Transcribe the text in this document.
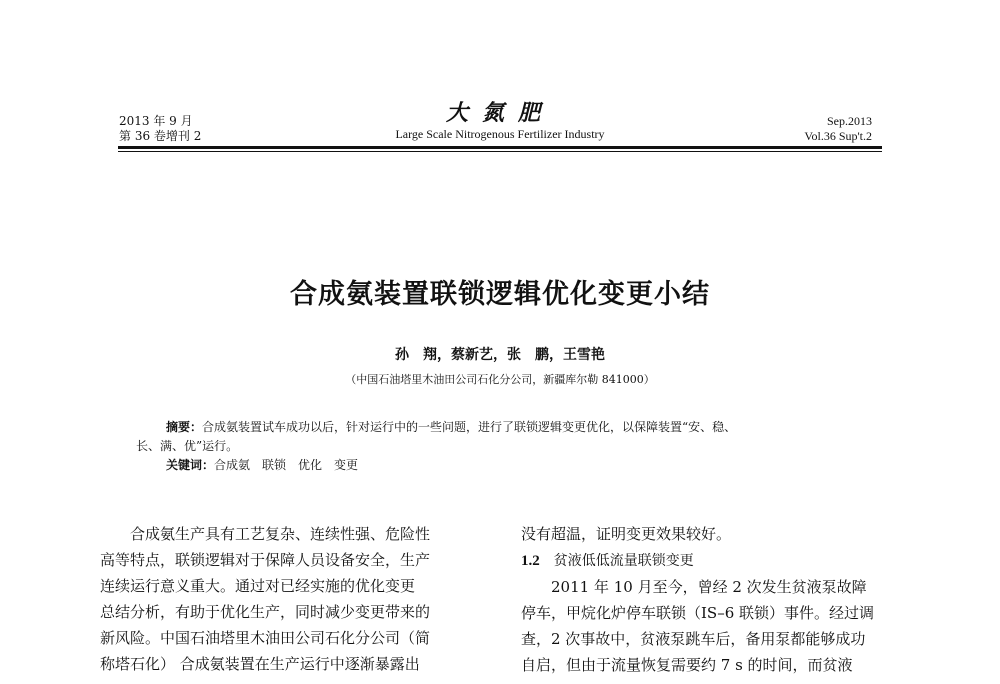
2013 年 9 月
第 36 卷增刊 2
大氮肥
Large Scale Nitrogenous Fertilizer Industry
Sep.2013
Vol.36 Sup't.2
合成氨装置联锁逻辑优化变更小结
孙　翔，蔡新艺，张　鹏，王雪艳
（中国石油塔里木油田公司石化分公司，新疆库尔勒 841000）
摘要：合成氨装置试车成功以后，针对运行中的一些问题，进行了联锁逻辑变更优化，以保障装置“安、稳、
长、满、优”运行。
关键词：合成氨　联锁　优化　变更
合成氨生产具有工艺复杂、连续性强、危险性
高等特点，联锁逻辑对于保障人员设备安全，生产
连续运行意义重大。通过对已经实施的优化变更
总结分析，有助于优化生产，同时减少变更带来的
新风险。中国石油塔里木油田公司石化分公司（简
称塔石化） 合成氨装置在生产运行中逐渐暴露出
没有超温，证明变更效果较好。
1.2 贫液低低流量联锁变更
2011 年 10 月至今，曾经 2 次发生贫液泵故障
停车，甲烷化炉停车联锁（IS–6 联锁）事件。经过调
查，2 次事故中，贫液泵跳车后，备用泵都能够成功
自启，但由于流量恢复需要约 7 s 的时间，而贫液
